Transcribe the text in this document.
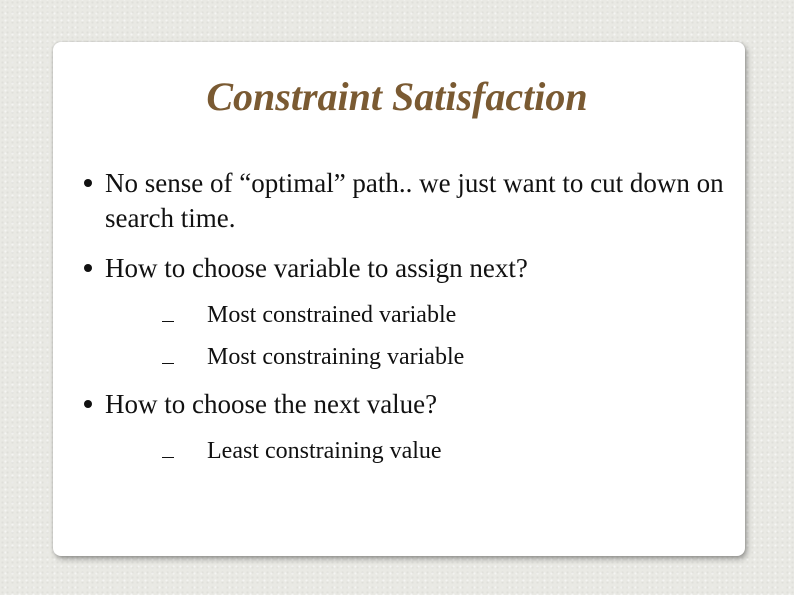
Constraint Satisfaction
No sense of “optimal” path.. we just want to cut down on search time.
How to choose variable to assign next?
Most constrained variable
Most constraining variable
How to choose the next value?
Least constraining value
